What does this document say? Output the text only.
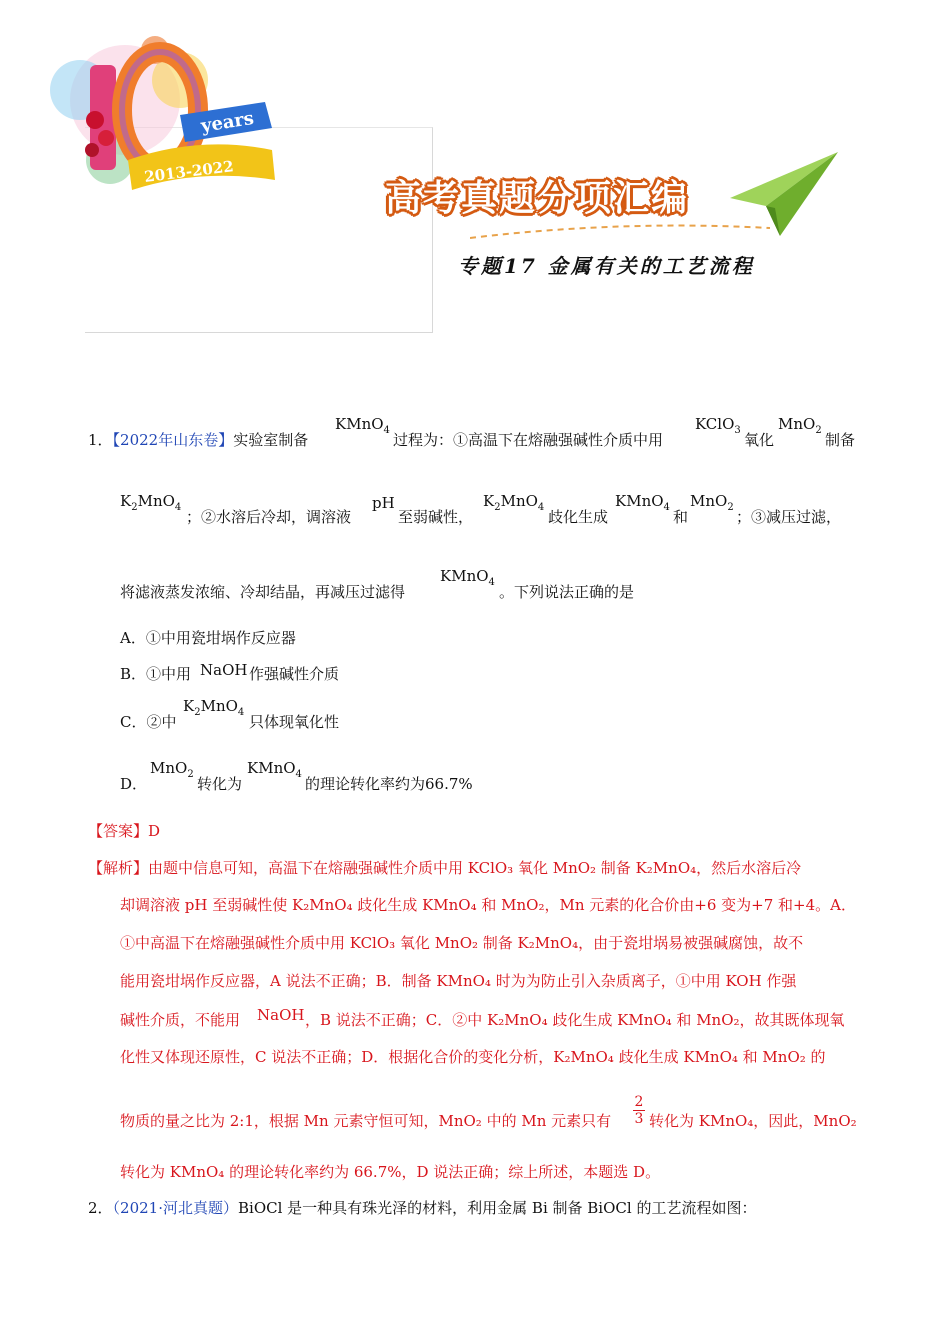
years
2013-2022
高考真题分项汇编
专题17 金属有关的工艺流程
1．【2022年山东卷】实验室制备
KMnO$_4$
过程为：①高温下在熔融强碱性介质中用
KClO$_3$
氧化
MnO$_2$
制备
$K_2MnO_4$
；②水溶后冷却，调溶液
pH
至弱碱性，
$K_2MnO_4$
歧化生成
KMnO$_4$
和
MnO$_2$
；③减压过滤，
将滤液蒸发浓缩、冷却结晶，再减压过滤得
KMnO$_4$
。下列说法正确的是
A．①中用瓷坩埚作反应器
B．①中用 NaOH 作强碱性介质
C．②中
$K_2MnO_4$
只体现氧化性
D．
MnO$_2$
转化为
KMnO$_4$
的理论转化率约为66.7%
【答案】D
【解析】由题中信息可知，高温下在熔融强碱性介质中用 KClO₃ 氧化 MnO₂ 制备 K₂MnO₄，然后水溶后冷
却调溶液 pH 至弱碱性使 K₂MnO₄ 歧化生成 KMnO₄ 和 MnO₂，Mn 元素的化合价由+6 变为+7 和+4。A．
①中高温下在熔融强碱性介质中用 KClO₃ 氧化 MnO₂ 制备 K₂MnO₄，由于瓷坩埚易被强碱腐蚀，故不
能用瓷坩埚作反应器，A 说法不正确；B．制备 KMnO₄ 时为为防止引入杂质离子，①中用 KOH 作强
碱性介质，不能用 NaOH ，B 说法不正确；C．②中 K₂MnO₄ 歧化生成 KMnO₄ 和 MnO₂，故其既体现氧
化性又体现还原性，C 说法不正确；D．根据化合价的变化分析，K₂MnO₄ 歧化生成 KMnO₄ 和 MnO₂ 的
物质的量之比为 2:1，根据 Mn 元素守恒可知，MnO₂ 中的 Mn 元素只有 $\frac{2}{3}$ 转化为 KMnO₄，因此，MnO₂
转化为 KMnO₄ 的理论转化率约为 66.7%，D 说法正确；综上所述，本题选 D。
2．（2021·河北真题）BiOCl 是一种具有珠光泽的材料，利用金属 Bi 制备 BiOCl 的工艺流程如图：
